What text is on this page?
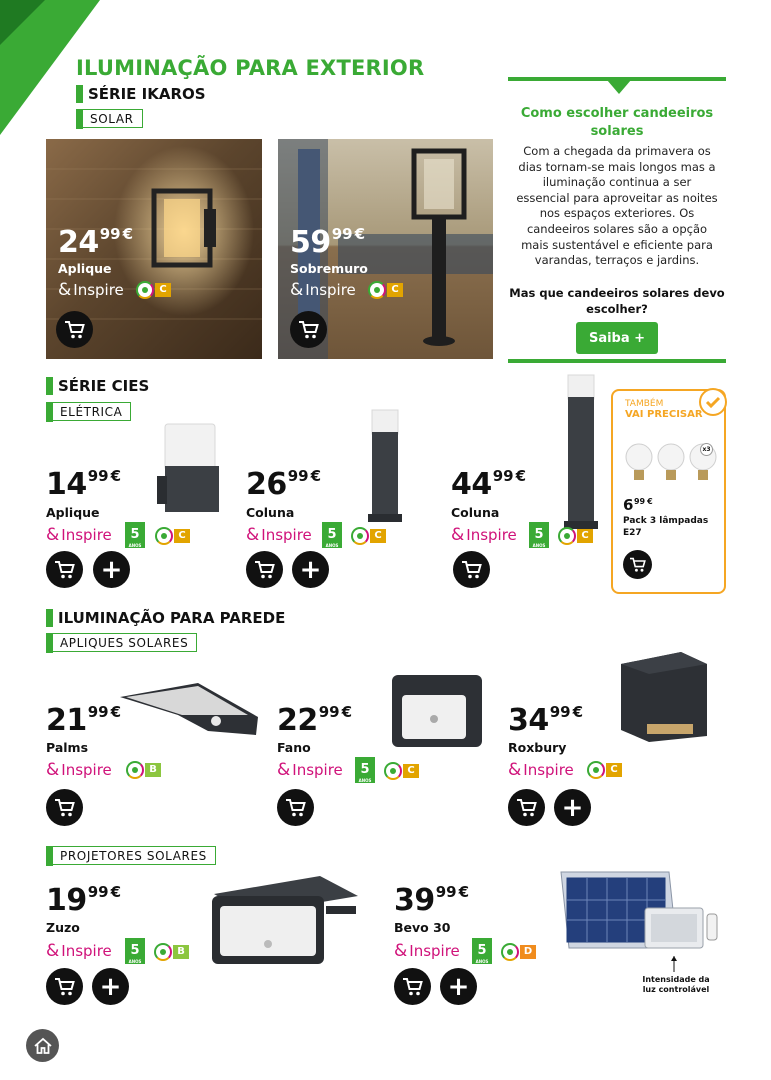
ILUMINAÇÃO PARA EXTERIOR
SÉRIE IKAROS
SOLAR
2499 €
Aplique
& Inspire	C
5999 €
Sobremuro
& Inspire	C
Como escolher candeeiros solares
Com a chegada da primavera os dias tornam-se mais longos mas a iluminação continua a ser essencial para aproveitar as noites nos espaços exteriores. Os candeeiros solares são a opção mais sustentável e eficiente para varandas, terraços e jardins.
Mas que candeeiros solares devo escolher?
Saiba +
SÉRIE CIES
ELÉTRICA
1499 €
Aplique
& Inspire	5
ANOS
C
+
2699 €
Coluna
& Inspire	5
ANOS
C
+
4499 €
Coluna
& Inspire	5
ANOS
C
TAMBÉM
VAI PRECISAR
x3
$6^{99}$ €
Pack 3 lâmpadas
E27
ILUMINAÇÃO PARA PAREDE
APLIQUES SOLARES
2199 €
Palms
& Inspire	B
2299 €
Fano
& Inspire	5
ANOS
C
3499 €
Roxbury
& Inspire	C
+
PROJETORES SOLARES
1999 €
Zuzo
& Inspire	5
ANOS
B
+
3999 €
Bevo 30
& Inspire	5
ANOS
D
+	Intensidade da luz controlável
